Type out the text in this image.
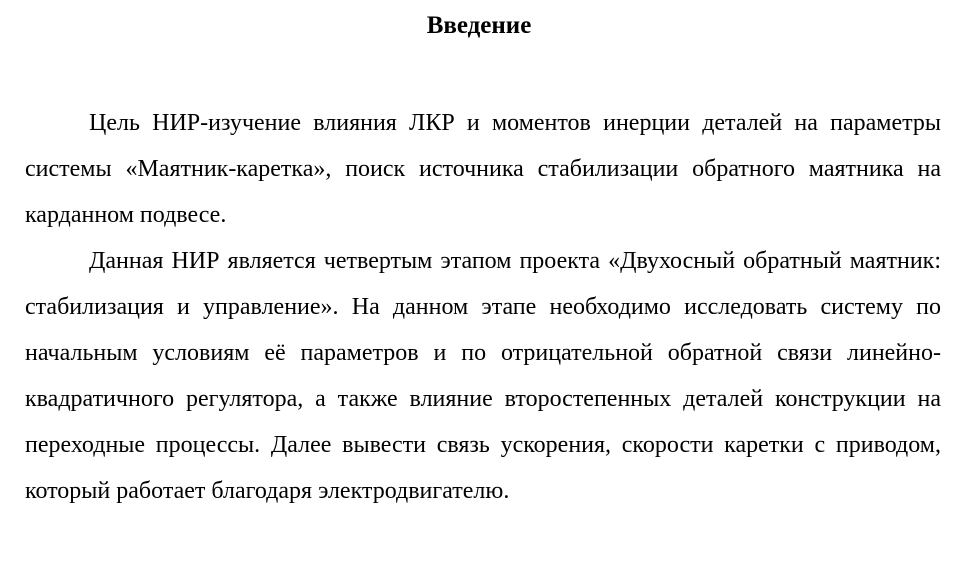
Введение

Цель НИР-изучение влияния ЛКР и моментов инерции деталей на параметры системы «Маятник-каретка», поиск источника стабилизации обратного маятника на карданном подвесе.

Данная НИР является четвертым этапом проекта «Двухосный обратный маятник: стабилизация и управление». На данном этапе необходимо исследовать систему по начальным условиям её параметров и по отрицательной обратной связи линейно-квадратичного регулятора, а также влияние второстепенных деталей конструкции на переходные процессы. Далее вывести связь ускорения, скорости каретки с приводом, который работает благодаря электродвигателю.
